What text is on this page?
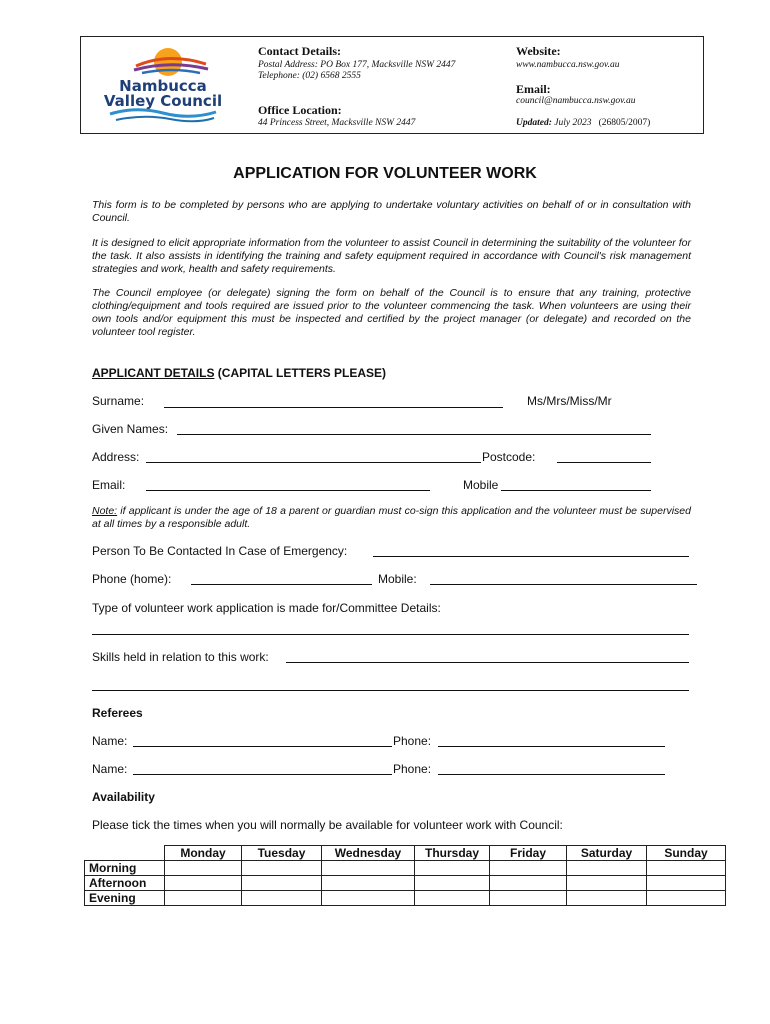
Nambucca
Valley Council
Contact Details:
Postal Address: PO Box 177, Macksville NSW 2447
Telephone: (02) 6568 2555
Office Location:
44 Princess Street, Macksville NSW 2447
Website:
www.nambucca.nsw.gov.au
Email:
council@nambucca.nsw.gov.au
Updated: July 2023 (26805/2007)
APPLICATION FOR VOLUNTEER WORK

This form is to be completed by persons who are applying to undertake voluntary activities on behalf of or in consultation with Council.

It is designed to elicit appropriate information from the volunteer to assist Council in determining the suitability of the volunteer for the task. It also assists in identifying the training and safety equipment required in accordance with Council's risk management strategies and work, health and safety requirements.

The Council employee (or delegate) signing the form on behalf of the Council is to ensure that any training, protective clothing/equipment and tools required are issued prior to the volunteer commencing the task. When volunteers are using their own tools and/or equipment this must be inspected and certified by the project manager (or delegate) and recorded on the volunteer tool register.

APPLICANT DETAILS (CAPITAL LETTERS PLEASE)
Surname:	Ms/Mrs/Miss/Mr
Given Names:
Address:	Postcode:
Email:	Mobile

Note: if applicant is under the age of 18 a parent or guardian must co-sign this application and the volunteer must be supervised at all times by a responsible adult.

Person To Be Contacted In Case of Emergency:
Phone (home):	Mobile:
Type of volunteer work application is made for/Committee Details:
Skills held in relation to this work:
Referees
Name:	Phone:
Name:	Phone:
Availability
Please tick the times when you will normally be available for volunteer work with Council:
	Monday	Tuesday	Wednesday	Thursday	Friday	Saturday	Sunday
Morning							
Afternoon							
Evening							
